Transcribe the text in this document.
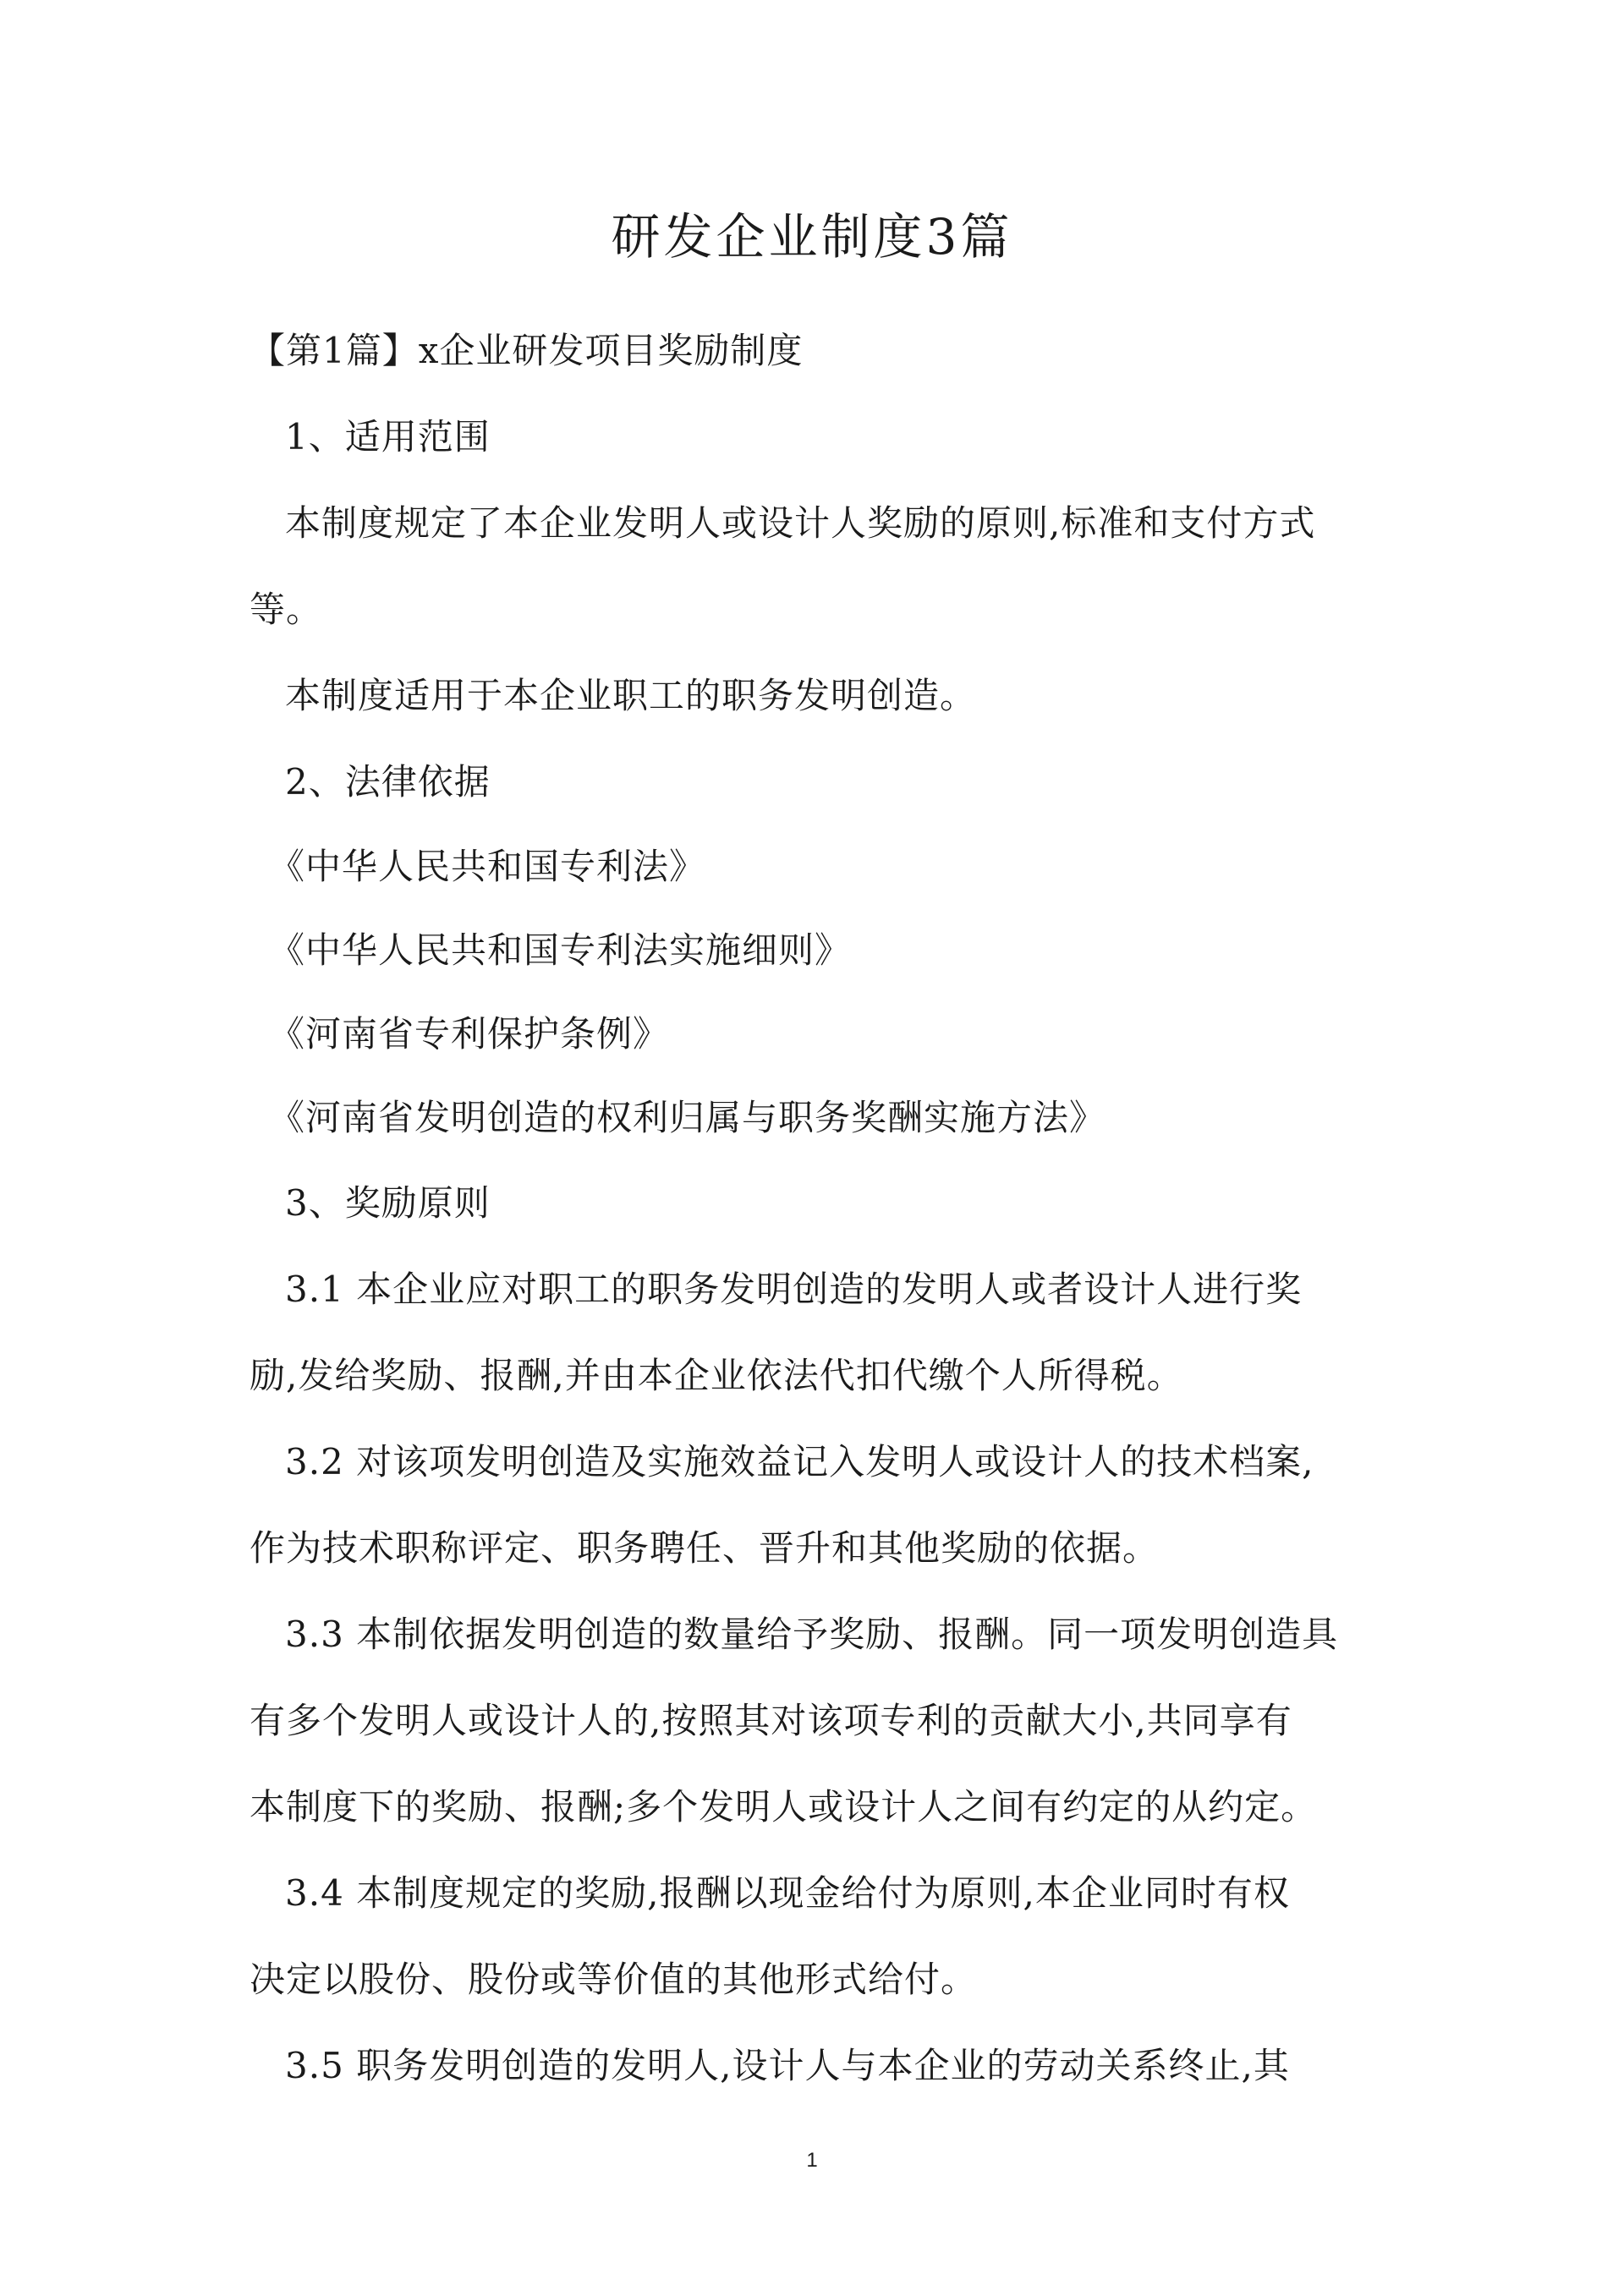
研发企业制度3篇

【第1篇】x企业研发项目奖励制度

1、适用范围

本制度规定了本企业发明人或设计人奖励的原则,标准和支付方式

等。

本制度适用于本企业职工的职务发明创造。

2、法律依据

《中华人民共和国专利法》

《中华人民共和国专利法实施细则》

《河南省专利保护条例》

《河南省发明创造的权利归属与职务奖酬实施方法》

3、奖励原则

3.1 本企业应对职工的职务发明创造的发明人或者设计人进行奖

励,发给奖励、报酬,并由本企业依法代扣代缴个人所得税。

3.2 对该项发明创造及实施效益记入发明人或设计人的技术档案,

作为技术职称评定、职务聘任、晋升和其他奖励的依据。

3.3 本制依据发明创造的数量给予奖励、报酬。同一项发明创造具

有多个发明人或设计人的,按照其对该项专利的贡献大小,共同享有

本制度下的奖励、报酬;多个发明人或设计人之间有约定的从约定。

3.4 本制度规定的奖励,报酬以现金给付为原则,本企业同时有权

决定以股份、股份或等价值的其他形式给付。

3.5 职务发明创造的发明人,设计人与本企业的劳动关系终止,其

1
